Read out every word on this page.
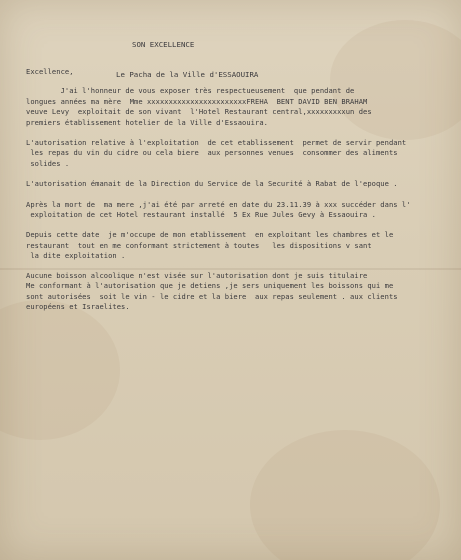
SON EXCELLENCE

Le Pacha de la Ville d'ESSAOUIRA

Excellence,
J'ai l'honneur de vous exposer très respectueusement  que pendant de
longues années ma mère  Mme xxxxxxxxxxxxxxxxxxxxxxxFREHA  BENT DAVID BEN BRAHAM
veuve Levy  exploitait de son vivant  l'Hotel Restaurant central,xxxxxxxxxun des
premiers établissement hotelier de la Ville d'Essaouira.
L'autorisation relative à l'exploitation  de cet etablissement  permet de servir pendant
les repas du vin du cidre ou cela biere  aux personnes venues  consommer des aliments
solides .
L'autorisation émanait de la Direction du Service de la Securité à Rabat de l'epoque .
Après la mort de  ma mere ,j'ai été par arreté en date du 23.11.39 à xxx succéder dans l'
exploitation de cet Hotel restaurant installé  5 Ex Rue Jules Gevy à Essaouira .
Depuis cette date  je m'occupe de mon etablissement  en exploitant les chambres et le
restaurant  tout en me conformant strictement à toutes   les dispositions v sant
la dite exploitation .
Aucune boisson alcoolique n'est visée sur l'autorisation dont je suis titulaire
Me conformant à l'autorisation que je detiens ,je sers uniquement les boissons qui me
sont autorisées  soit le vin - le cidre et la biere  aux repas seulement . aux clients
européens et Israelites.
